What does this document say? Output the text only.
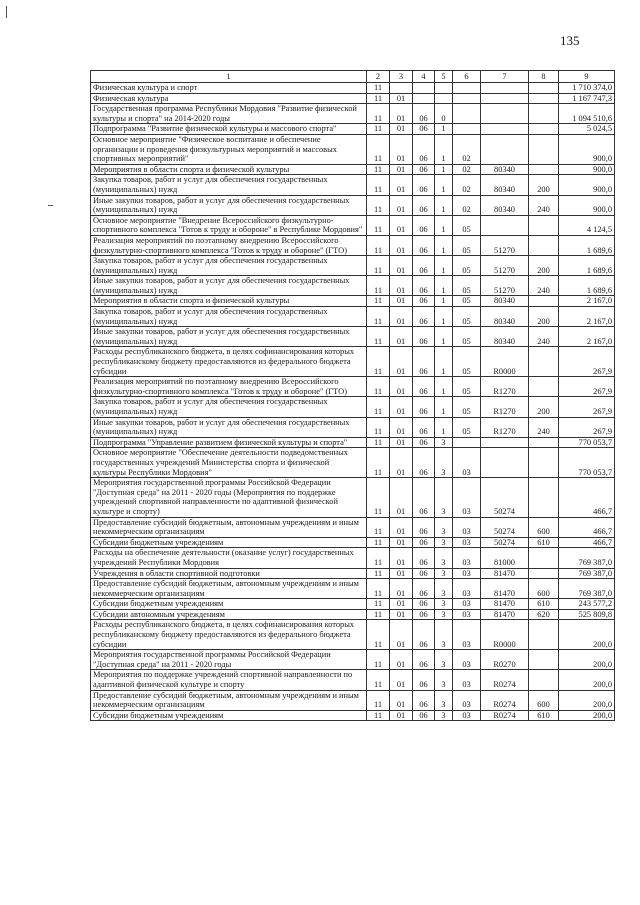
135
1	2	3	4	5	6	7	8	9
Физическая культура и спорт	11							1 710 374,0
Физическая культура	11	01						1 167 747,3
Государственная программа Республики Мордовия "Развитие физической культуры и спорта" на 2014-2020 годы	11	01	06	0				1 094 510,6
Подпрограмма "Развитие физической культуры и массового спорта"	11	01	06	1				5 024,5
Основное мероприятие "Физическое воспитание и обеспечение организации и проведения физкультурных мероприятий и массовых спортивных мероприятий"	11	01	06	1	02			900,0
Мероприятия в области спорта и физической культуры	11	01	06	1	02	80340		900,0
Закупка товаров, работ и услуг для обеспечения государственных (муниципальных) нужд	11	01	06	1	02	80340	200	900,0
Иные закупки товаров, работ и услуг для обеспечения государственных (муниципальных) нужд	11	01	06	1	02	80340	240	900,0
Основное мероприятие "Внедрение Всероссийского физкультурно-спортивного комплекса "Готов к труду и обороне" в Республике Мордовия"	11	01	06	1	05			4 124,5
Реализация мероприятий по поэтапному внедрению Всероссийского физкультурно-спортивного комплекса "Готов к труду и обороне" (ГТО)	11	01	06	1	05	51270		1 689,6
Закупка товаров, работ и услуг для обеспечения государственных (муниципальных) нужд	11	01	06	1	05	51270	200	1 689,6
Иные закупки товаров, работ и услуг для обеспечения государственных (муниципальных) нужд	11	01	06	1	05	51270	240	1 689,6
Мероприятия в области спорта и физической культуры	11	01	06	1	05	80340		2 167,0
Закупка товаров, работ и услуг для обеспечения государственных (муниципальных) нужд	11	01	06	1	05	80340	200	2 167,0
Иные закупки товаров, работ и услуг для обеспечения государственных (муниципальных) нужд	11	01	06	1	05	80340	240	2 167,0
Расходы республиканского бюджета, в целях софинансирования которых республиканскому бюджету предоставляются из федерального бюджета субсидии	11	01	06	1	05	R0000		267,9
Реализация мероприятий по поэтапному внедрению Всероссийского физкультурно-спортивного комплекса "Готов к труду и обороне" (ГТО)	11	01	06	1	05	R1270		267,9
Закупка товаров, работ и услуг для обеспечения государственных (муниципальных) нужд	11	01	06	1	05	R1270	200	267,9
Иные закупки товаров, работ и услуг для обеспечения государственных (муниципальных) нужд	11	01	06	1	05	R1270	240	267,9
Подпрограмма "Управление развитием физической культуры и спорта"	11	01	06	3				770 053,7
Основное мероприятие "Обеспечение деятельности подведомственных государственных учреждений Министерства спорта и физической культуры Республики Мордовия"	11	01	06	3	03			770 053,7
Мероприятия государственной программы Российской Федерации "Доступная среда" на 2011 - 2020 годы (Мероприятия по поддержке учреждений спортивной направленности по адаптивной физической культуре и спорту)	11	01	06	3	03	50274		466,7
Предоставление субсидий бюджетным, автономным учреждениям и иным некоммерческим организациям	11	01	06	3	03	50274	600	466,7
Субсидии бюджетным учреждениям	11	01	06	3	03	50274	610	466,7
Расходы на обеспечение деятельности (оказание услуг) государственных учреждений Республики Мордовия	11	01	06	3	03	81000		769 387,0
Учреждения в области спортивной подготовки	11	01	06	3	03	81470		769 387,0
Предоставление субсидий бюджетным, автономным учреждениям и иным некоммерческим организациям	11	01	06	3	03	81470	600	769 387,0
Субсидии бюджетным учреждениям	11	01	06	3	03	81470	610	243 577,2
Субсидии автономным учреждениям	11	01	06	3	03	81470	620	525 809,8
Расходы республиканского бюджета, в целях софинансирования которых республиканскому бюджету предоставляются из федерального бюджета субсидии	11	01	06	3	03	R0000		200,0
Мероприятия государственной программы Российской Федерации "Доступная среда" на 2011 - 2020 годы	11	01	06	3	03	R0270		200,0
Мероприятия по поддержке учреждений спортивной направленности по адаптивной физической культуре и спорту	11	01	06	3	03	R0274		200,0
Предоставление субсидий бюджетным, автономным учреждениям и иным некоммерческим организациям	11	01	06	3	03	R0274	600	200,0
Субсидии бюджетным учреждениям	11	01	06	3	03	R0274	610	200,0
